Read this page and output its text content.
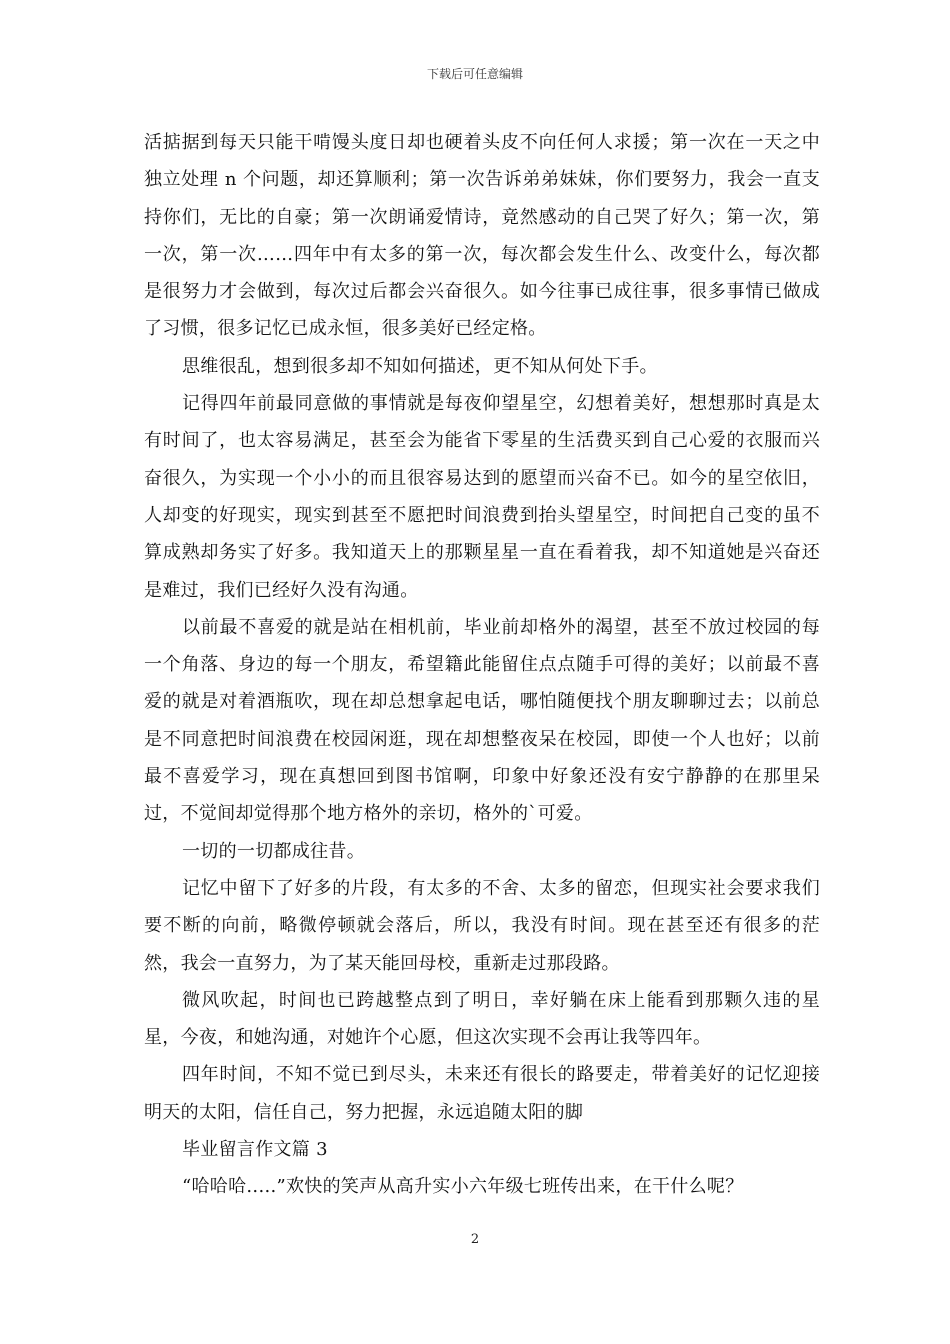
下载后可任意编辑

活掂据到每天只能干啃馒头度日却也硬着头皮不向任何人求援；第一次在一天之中独立处理 n 个问题，却还算顺利；第一次告诉弟弟妹妹，你们要努力，我会一直支持你们，无比的自豪；第一次朗诵爱情诗，竟然感动的自己哭了好久；第一次，第一次，第一次……四年中有太多的第一次，每次都会发生什么、改变什么，每次都是很努力才会做到，每次过后都会兴奋很久。如今往事已成往事，很多事情已做成了习惯，很多记忆已成永恒，很多美好已经定格。

思维很乱，想到很多却不知如何描述，更不知从何处下手。

记得四年前最同意做的事情就是每夜仰望星空，幻想着美好，想想那时真是太有时间了，也太容易满足，甚至会为能省下零星的生活费买到自己心爱的衣服而兴奋很久，为实现一个小小的而且很容易达到的愿望而兴奋不已。如今的星空依旧，人却变的好现实，现实到甚至不愿把时间浪费到抬头望星空，时间把自己变的虽不算成熟却务实了好多。我知道天上的那颗星星一直在看着我，却不知道她是兴奋还是难过，我们已经好久没有沟通。

以前最不喜爱的就是站在相机前，毕业前却格外的渴望，甚至不放过校园的每一个角落、身边的每一个朋友，希望籍此能留住点点随手可得的美好；以前最不喜爱的就是对着酒瓶吹，现在却总想拿起电话，哪怕随便找个朋友聊聊过去；以前总是不同意把时间浪费在校园闲逛，现在却想整夜呆在校园，即使一个人也好；以前最不喜爱学习，现在真想回到图书馆啊，印象中好象还没有安宁静静的在那里呆过，不觉间却觉得那个地方格外的亲切，格外的`可爱。

一切的一切都成往昔。

记忆中留下了好多的片段，有太多的不舍、太多的留恋，但现实社会要求我们要不断的向前，略微停顿就会落后，所以，我没有时间。现在甚至还有很多的茫然，我会一直努力，为了某天能回母校，重新走过那段路。

微风吹起，时间也已跨越整点到了明日，幸好躺在床上能看到那颗久违的星星，今夜，和她沟通，对她许个心愿，但这次实现不会再让我等四年。

四年时间，不知不觉已到尽头，未来还有很长的路要走，带着美好的记忆迎接明天的太阳，信任自己，努力把握，永远追随太阳的脚

毕业留言作文篇 3

“哈哈哈.....”欢快的笑声从高升实小六年级七班传出来，在干什么呢？

2
